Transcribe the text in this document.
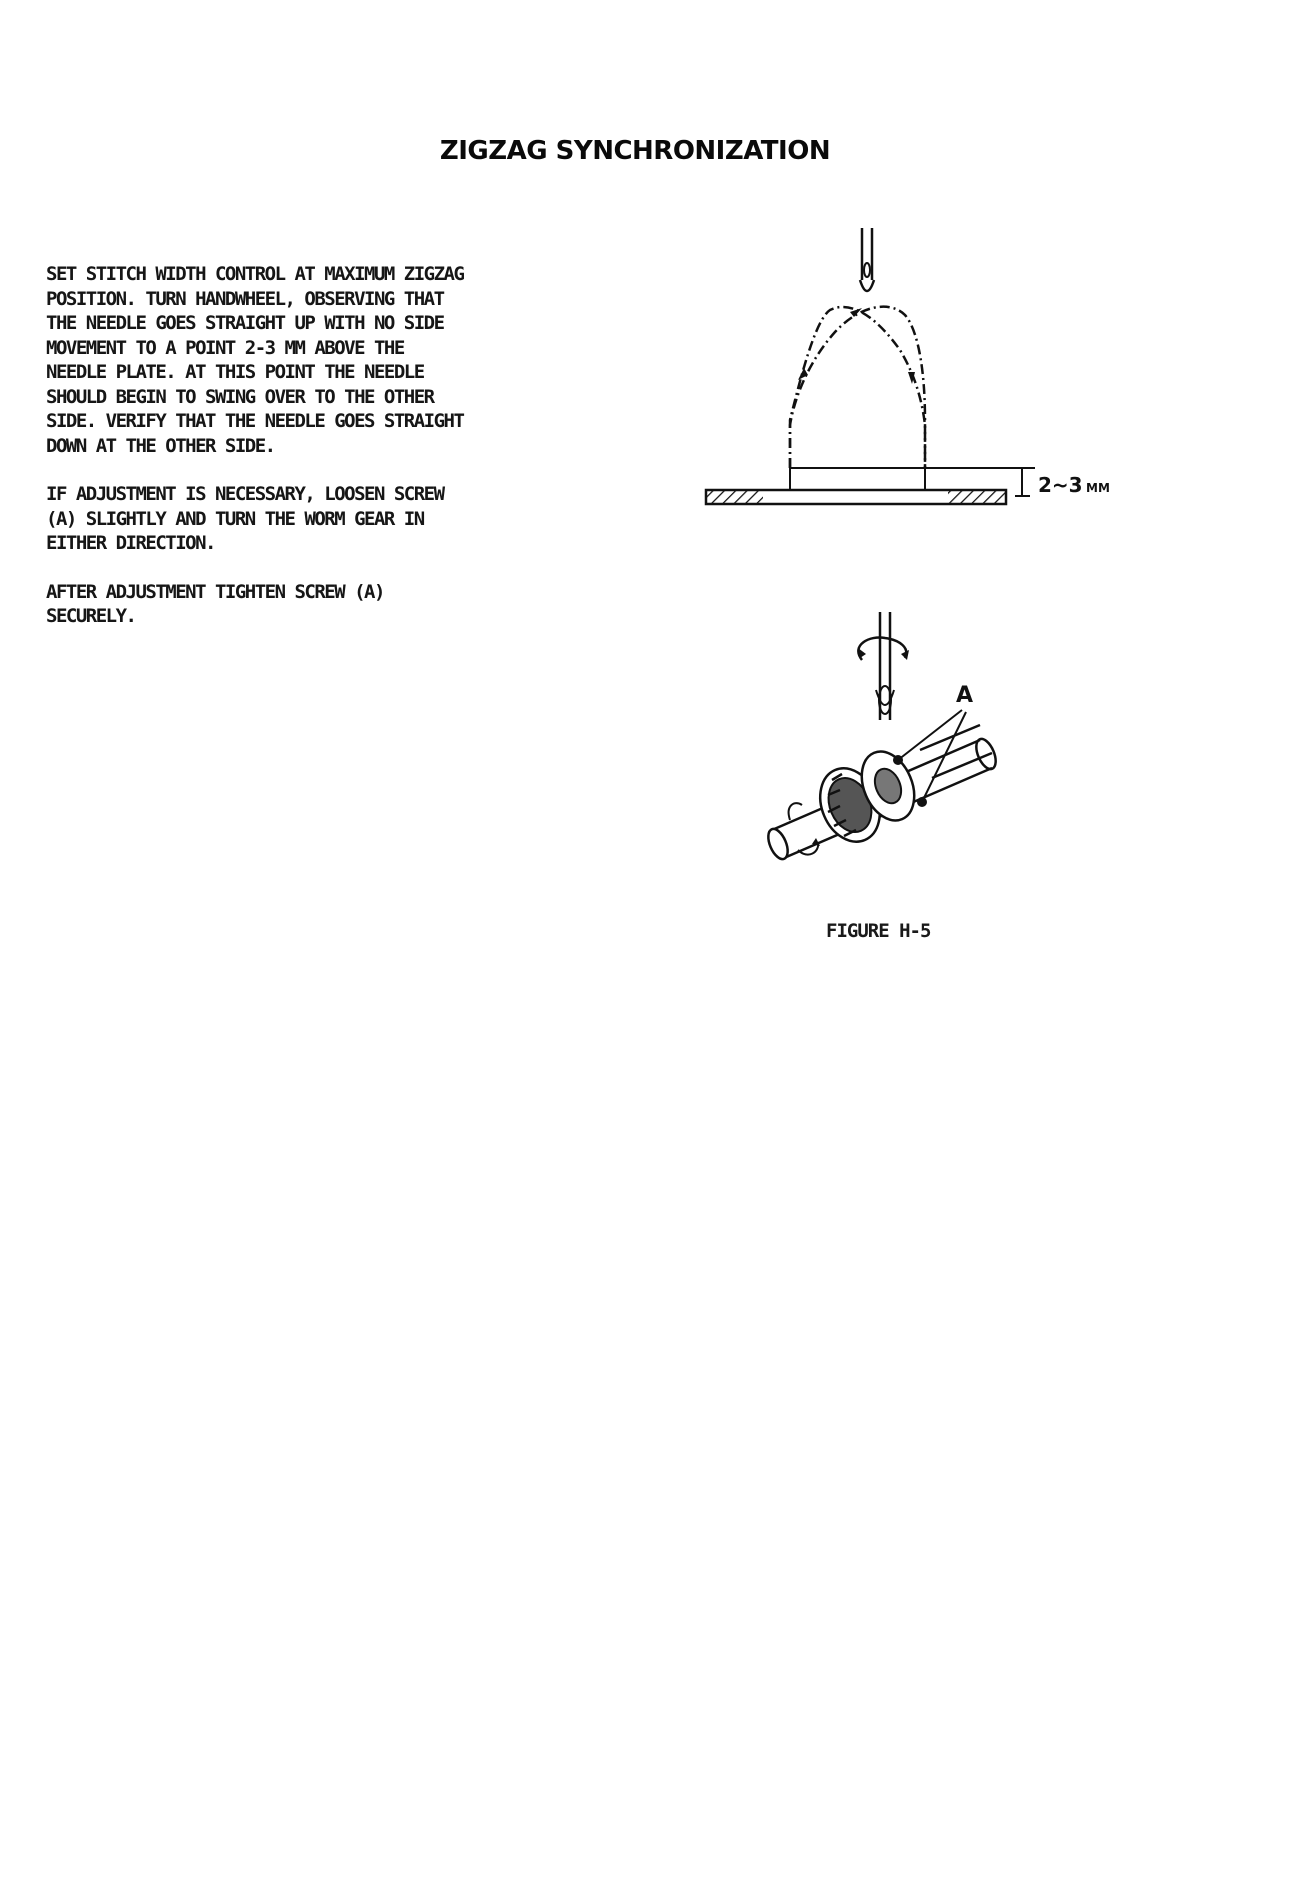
ZIGZAG SYNCHRONIZATION

SET STITCH WIDTH CONTROL AT MAXIMUM ZIGZAG
POSITION. TURN HANDWHEEL, OBSERVING THAT
THE NEEDLE GOES STRAIGHT UP WITH NO SIDE
MOVEMENT TO A POINT 2-3 MM ABOVE THE
NEEDLE PLATE. AT THIS POINT THE NEEDLE
SHOULD BEGIN TO SWING OVER TO THE OTHER
SIDE. VERIFY THAT THE NEEDLE GOES STRAIGHT
DOWN AT THE OTHER SIDE.

IF ADJUSTMENT IS NECESSARY, LOOSEN SCREW
(A) SLIGHTLY AND TURN THE WORM GEAR IN
EITHER DIRECTION.

AFTER ADJUSTMENT TIGHTEN SCREW (A)
SECURELY.

2~3 MM
A
FIGURE H-5
